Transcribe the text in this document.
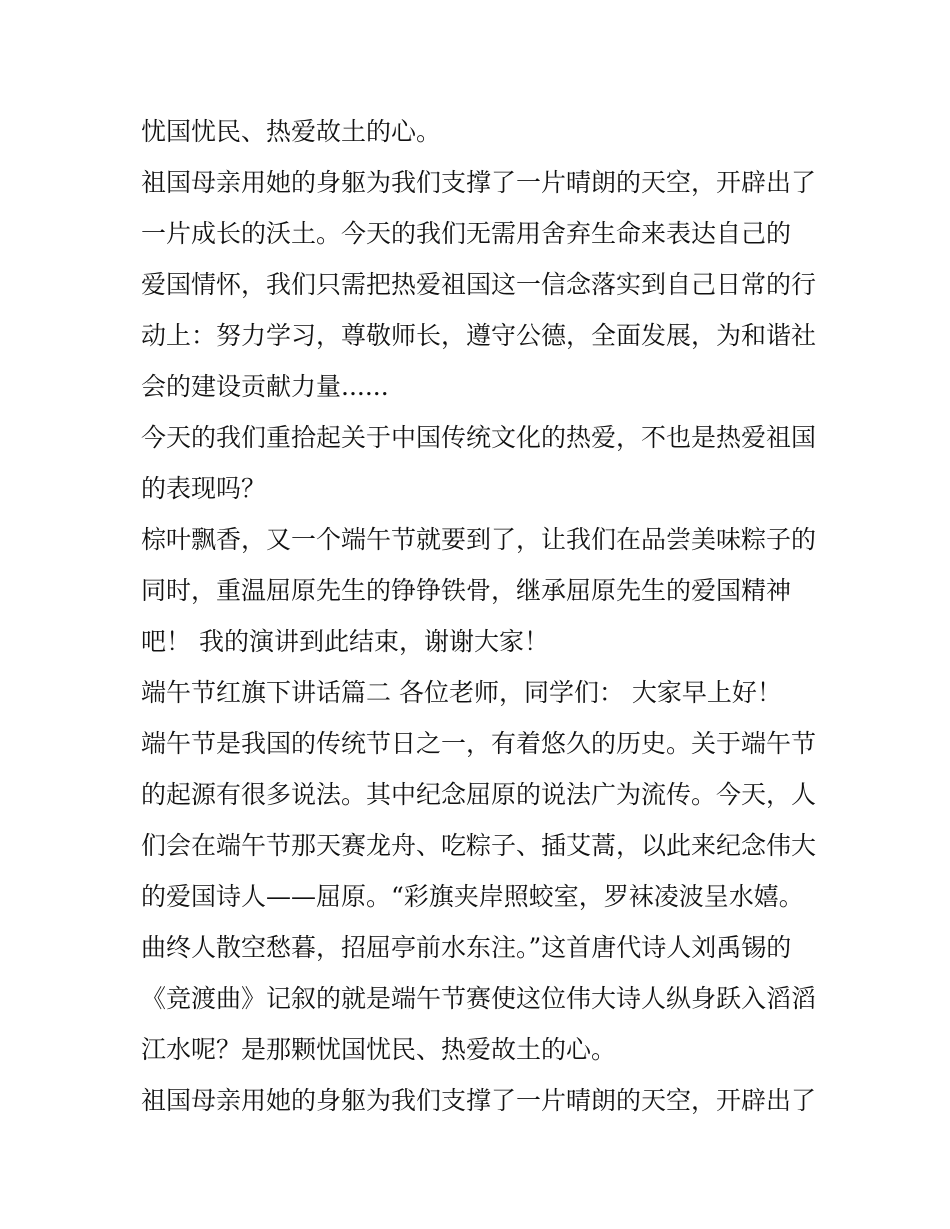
忧国忧民、热爱故土的心。
祖国母亲用她的身躯为我们支撑了一片晴朗的天空，开辟出了
一片成长的沃土。今天的我们无需用舍弃生命来表达自己的
爱国情怀，我们只需把热爱祖国这一信念落实到自己日常的行
动上：努力学习，尊敬师长，遵守公德，全面发展，为和谐社
会的建设贡献力量......
今天的我们重拾起关于中国传统文化的热爱，不也是热爱祖国
的表现吗？
棕叶飘香，又一个端午节就要到了，让我们在品尝美味粽子的
同时，重温屈原先生的铮铮铁骨，继承屈原先生的爱国精神
吧！ 我的演讲到此结束，谢谢大家！
端午节红旗下讲话篇二 各位老师，同学们： 大家早上好！
端午节是我国的传统节日之一，有着悠久的历史。关于端午节
的起源有很多说法。其中纪念屈原的说法广为流传。今天，人
们会在端午节那天赛龙舟、吃粽子、插艾蒿，以此来纪念伟大
的爱国诗人——屈原。“彩旗夹岸照蛟室，罗袜凌波呈水嬉。
曲终人散空愁暮，招屈亭前水东注。”这首唐代诗人刘禹锡的
《竞渡曲》记叙的就是端午节赛使这位伟大诗人纵身跃入滔滔
江水呢？是那颗忧国忧民、热爱故土的心。
祖国母亲用她的身躯为我们支撑了一片晴朗的天空，开辟出了
